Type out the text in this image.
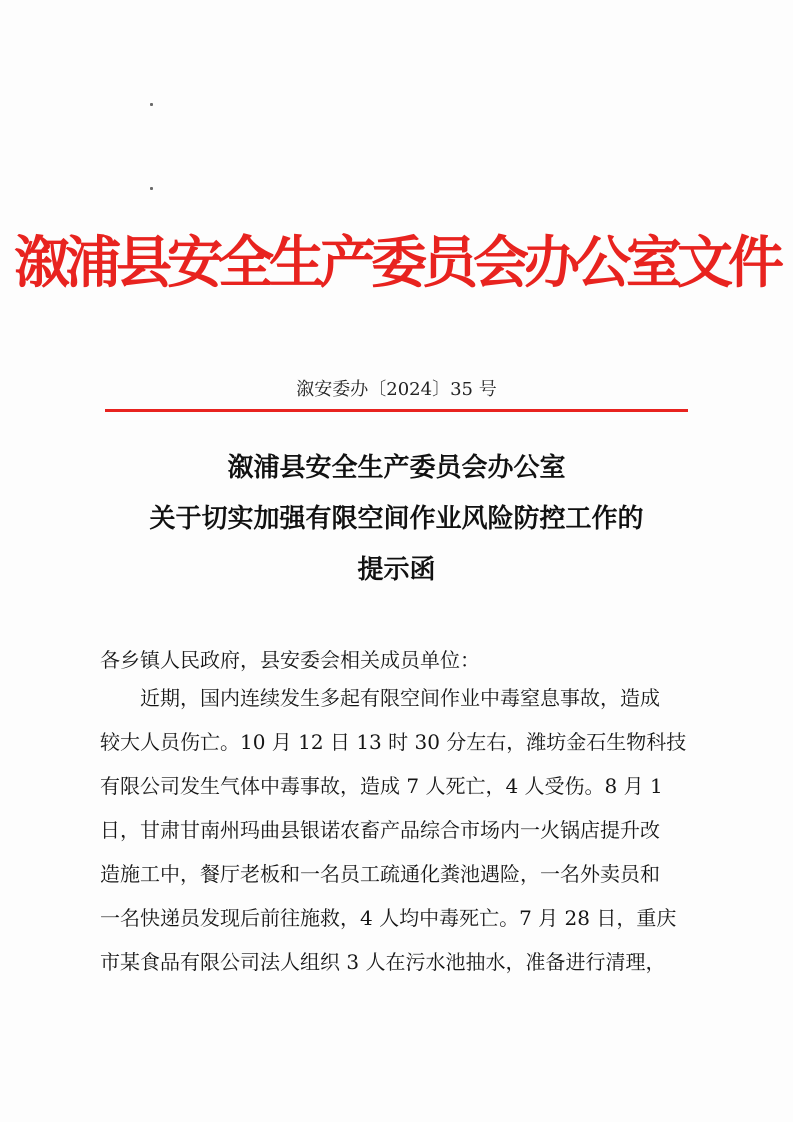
溆浦县安全生产委员会办公室文件
溆安委办〔2024〕35 号
溆浦县安全生产委员会办公室
关于切实加强有限空间作业风险防控工作的
提示函
各乡镇人民政府，县安委会相关成员单位：
近期，国内连续发生多起有限空间作业中毒窒息事故，造成
较大人员伤亡。10 月 12 日 13 时 30 分左右，潍坊金石生物科技
有限公司发生气体中毒事故，造成 7 人死亡，4 人受伤。8 月 1
日，甘肃甘南州玛曲县银诺农畜产品综合市场内一火锅店提升改
造施工中，餐厅老板和一名员工疏通化粪池遇险，一名外卖员和
一名快递员发现后前往施救，4 人均中毒死亡。7 月 28 日，重庆
市某食品有限公司法人组织 3 人在污水池抽水，准备进行清理，
